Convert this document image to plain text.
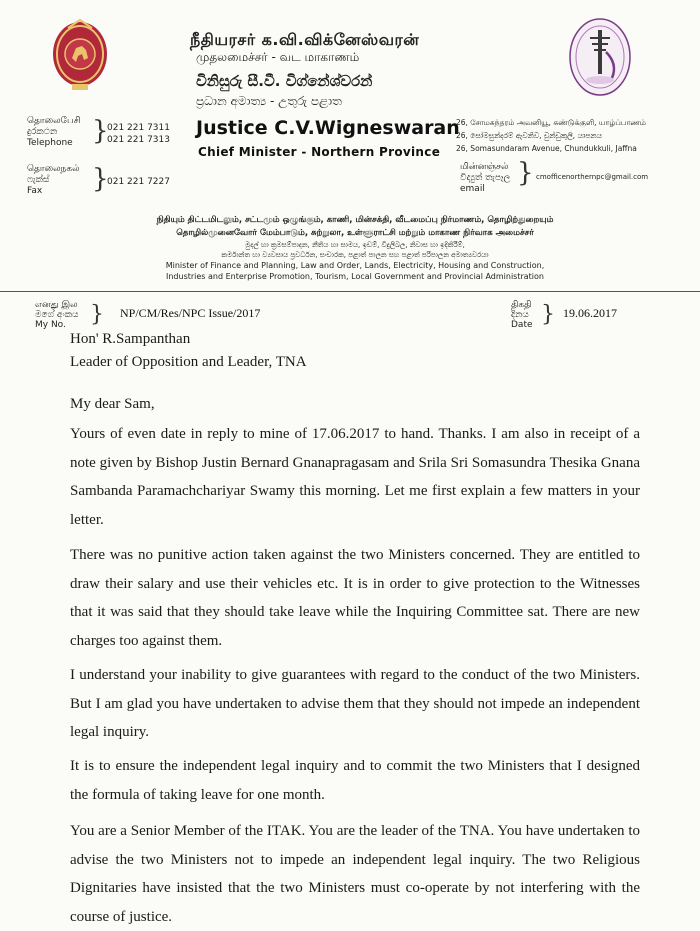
நீதியரசர் க.வி.விக்னேஸ்வரன்
முதலமைச்சர் - வட மாகாணம்
විනිසුරු සී.වී. විග්නේශ්වරන්
ප්‍රධාන අමාත්‍ය - උතුරු පළාත
Justice C.V.Wigneswaran
Chief Minister - Northern Province
தொலைபேசி
දුරකථන
Telephone }
021 221 7311
021 221 7313
தொலைநகல்
ෆැක්ස්
Fax	}
021 221 7227
26, சோமசுந்தரம் அவனியூ, சுண்டுக்குளி, யாழ்ப்பாணம்
26, සෝමසුන්දරම් ඇවනිව, චුන්ඩුකුලි, යාපනය
26, Somasundaram Avenue, Chundukkuli, Jaffna
மின்னஞ்சல்
විද්‍යුත් තැපෑල
email
} cmofficenorthernpc@gmail.com
நிதியும் திட்டமிடலும், சட்டமும் ஒழுங்கும், காணி, மின்சக்தி, வீடமைப்பு நிர்மாணம், தொழிற்துறையும்
தொழில்முனைவோர் மேம்பாடும், சுற்றுலா, உள்ளூராட்சி மற்றும் மாகாண நிர்வாக அமைச்சர்
මුදල් හා ක්‍රමසම්පාදන, නීතිය හා සාමය, ඉඩම්, විදුලිබල, නිවාස හා ඉදිකිරීම්,
කර්මාන්ත හා ව්‍යවසාය ප්‍රවර්ධන, සංචාරක, පළාත් පාලන සහ පළාත් පරිපාලන අමාත්‍යවරයා
Minister of Finance and Planning, Law and Order, Lands, Electricity, Housing and Construction,
Industries and Enterprise Promotion, Tourism, Local Government and Provincial Administration
எனது இல
මගේ අංකය
My No.	} NP/CM/Res/NPC Issue/2017
திகதி
දිනය
Date } 19.06.2017
Hon' R.Sampanthan
Leader of Opposition and Leader, TNA
My dear Sam,
Yours of even date in reply to mine of 17.06.2017 to hand. Thanks. I am also in receipt of a note given by Bishop Justin Bernard Gnanapragasam and Srila Sri Somasundra Thesika Gnana Sambanda Paramachchariyar Swamy this morning. Let me first explain a few matters in your letter.
There was no punitive action taken against the two Ministers concerned. They are entitled to draw their salary and use their vehicles etc. It is in order to give protection to the Witnesses that it was said that they should take leave while the Inquiring Committee sat. There are new charges too against them.
I understand your inability to give guarantees with regard to the conduct of the two Ministers. But I am glad you have undertaken to advise them that they should not impede an independent legal inquiry.
It is to ensure the independent legal inquiry and to commit the two Ministers that I designed the formula of taking leave for one month.
You are a Senior Member of the ITAK. You are the leader of the TNA. You have undertaken to advise the two Ministers not to impede an independent legal inquiry. The two Religious Dignitaries have insisted that the two Ministers must co-operate by not interfering with the course of justice.
